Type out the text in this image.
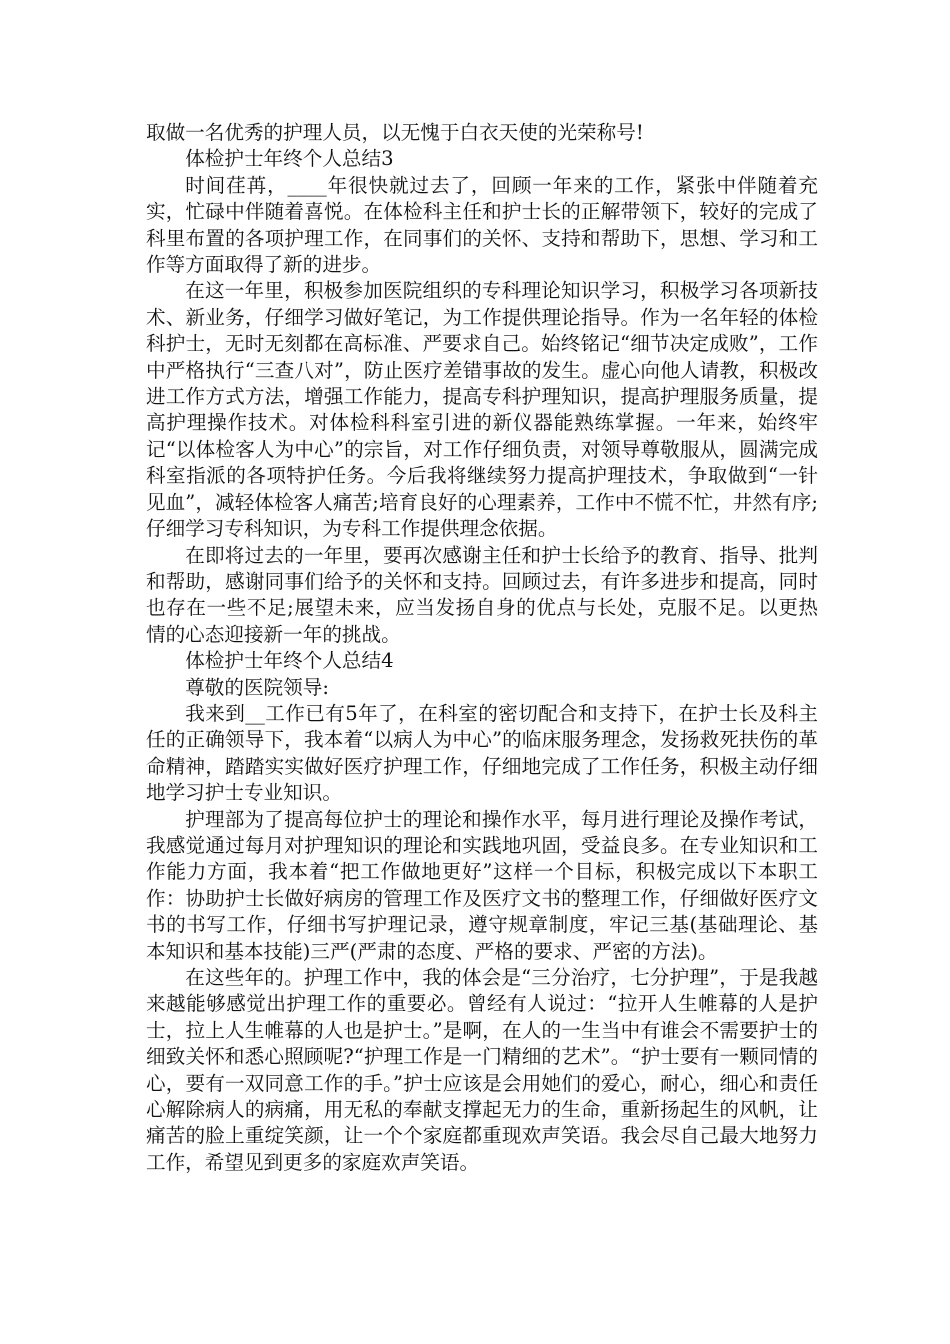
取做一名优秀的护理人员，以无愧于白衣天使的光荣称号!

体检护士年终个人总结3

时间荏苒，____年很快就过去了，回顾一年来的工作，紧张中伴随着充实，忙碌中伴随着喜悦。在体检科主任和护士长的正解带领下，较好的完成了科里布置的各项护理工作，在同事们的关怀、支持和帮助下，思想、学习和工作等方面取得了新的进步。

在这一年里，积极参加医院组织的专科理论知识学习，积极学习各项新技术、新业务，仔细学习做好笔记，为工作提供理论指导。作为一名年轻的体检科护士，无时无刻都在高标准、严要求自己。始终铭记“细节决定成败”，工作中严格执行“三查八对”，防止医疗差错事故的发生。虚心向他人请教，积极改进工作方式方法，增强工作能力，提高专科护理知识，提高护理服务质量，提高护理操作技术。对体检科科室引进的新仪器能熟练掌握。一年来，始终牢记“以体检客人为中心”的宗旨，对工作仔细负责，对领导尊敬服从，圆满完成科室指派的各项特护任务。今后我将继续努力提高护理技术，争取做到“一针见血”，减轻体检客人痛苦;培育良好的心理素养，工作中不慌不忙，井然有序;仔细学习专科知识，为专科工作提供理念依据。

在即将过去的一年里，要再次感谢主任和护士长给予的教育、指导、批判和帮助，感谢同事们给予的关怀和支持。回顾过去，有许多进步和提高，同时也存在一些不足;展望未来，应当发扬自身的优点与长处，克服不足。以更热情的心态迎接新一年的挑战。

体检护士年终个人总结4

尊敬的医院领导:

我来到__工作已有5年了，在科室的密切配合和支持下，在护士长及科主任的正确领导下，我本着“以病人为中心”的临床服务理念，发扬救死扶伤的革命精神，踏踏实实做好医疗护理工作，仔细地完成了工作任务，积极主动仔细地学习护士专业知识。

护理部为了提高每位护士的理论和操作水平，每月进行理论及操作考试，我感觉通过每月对护理知识的理论和实践地巩固，受益良多。在专业知识和工作能力方面，我本着“把工作做地更好”这样一个目标，积极完成以下本职工作：协助护士长做好病房的管理工作及医疗文书的整理工作，仔细做好医疗文书的书写工作，仔细书写护理记录，遵守规章制度，牢记三基(基础理论、基本知识和基本技能)三严(严肃的态度、严格的要求、严密的方法)。

在这些年的。护理工作中，我的体会是“三分治疗，七分护理”，于是我越来越能够感觉出护理工作的重要必。曾经有人说过：“拉开人生帷幕的人是护士，拉上人生帷幕的人也是护士。”是啊，在人的一生当中有谁会不需要护士的细致关怀和悉心照顾呢?“护理工作是一门精细的艺术”。“护士要有一颗同情的心，要有一双同意工作的手。”护士应该是会用她们的爱心，耐心，细心和责任心解除病人的病痛，用无私的奉献支撑起无力的生命，重新扬起生的风帆，让痛苦的脸上重绽笑颜，让一个个家庭都重现欢声笑语。我会尽自己最大地努力工作，希望见到更多的家庭欢声笑语。
